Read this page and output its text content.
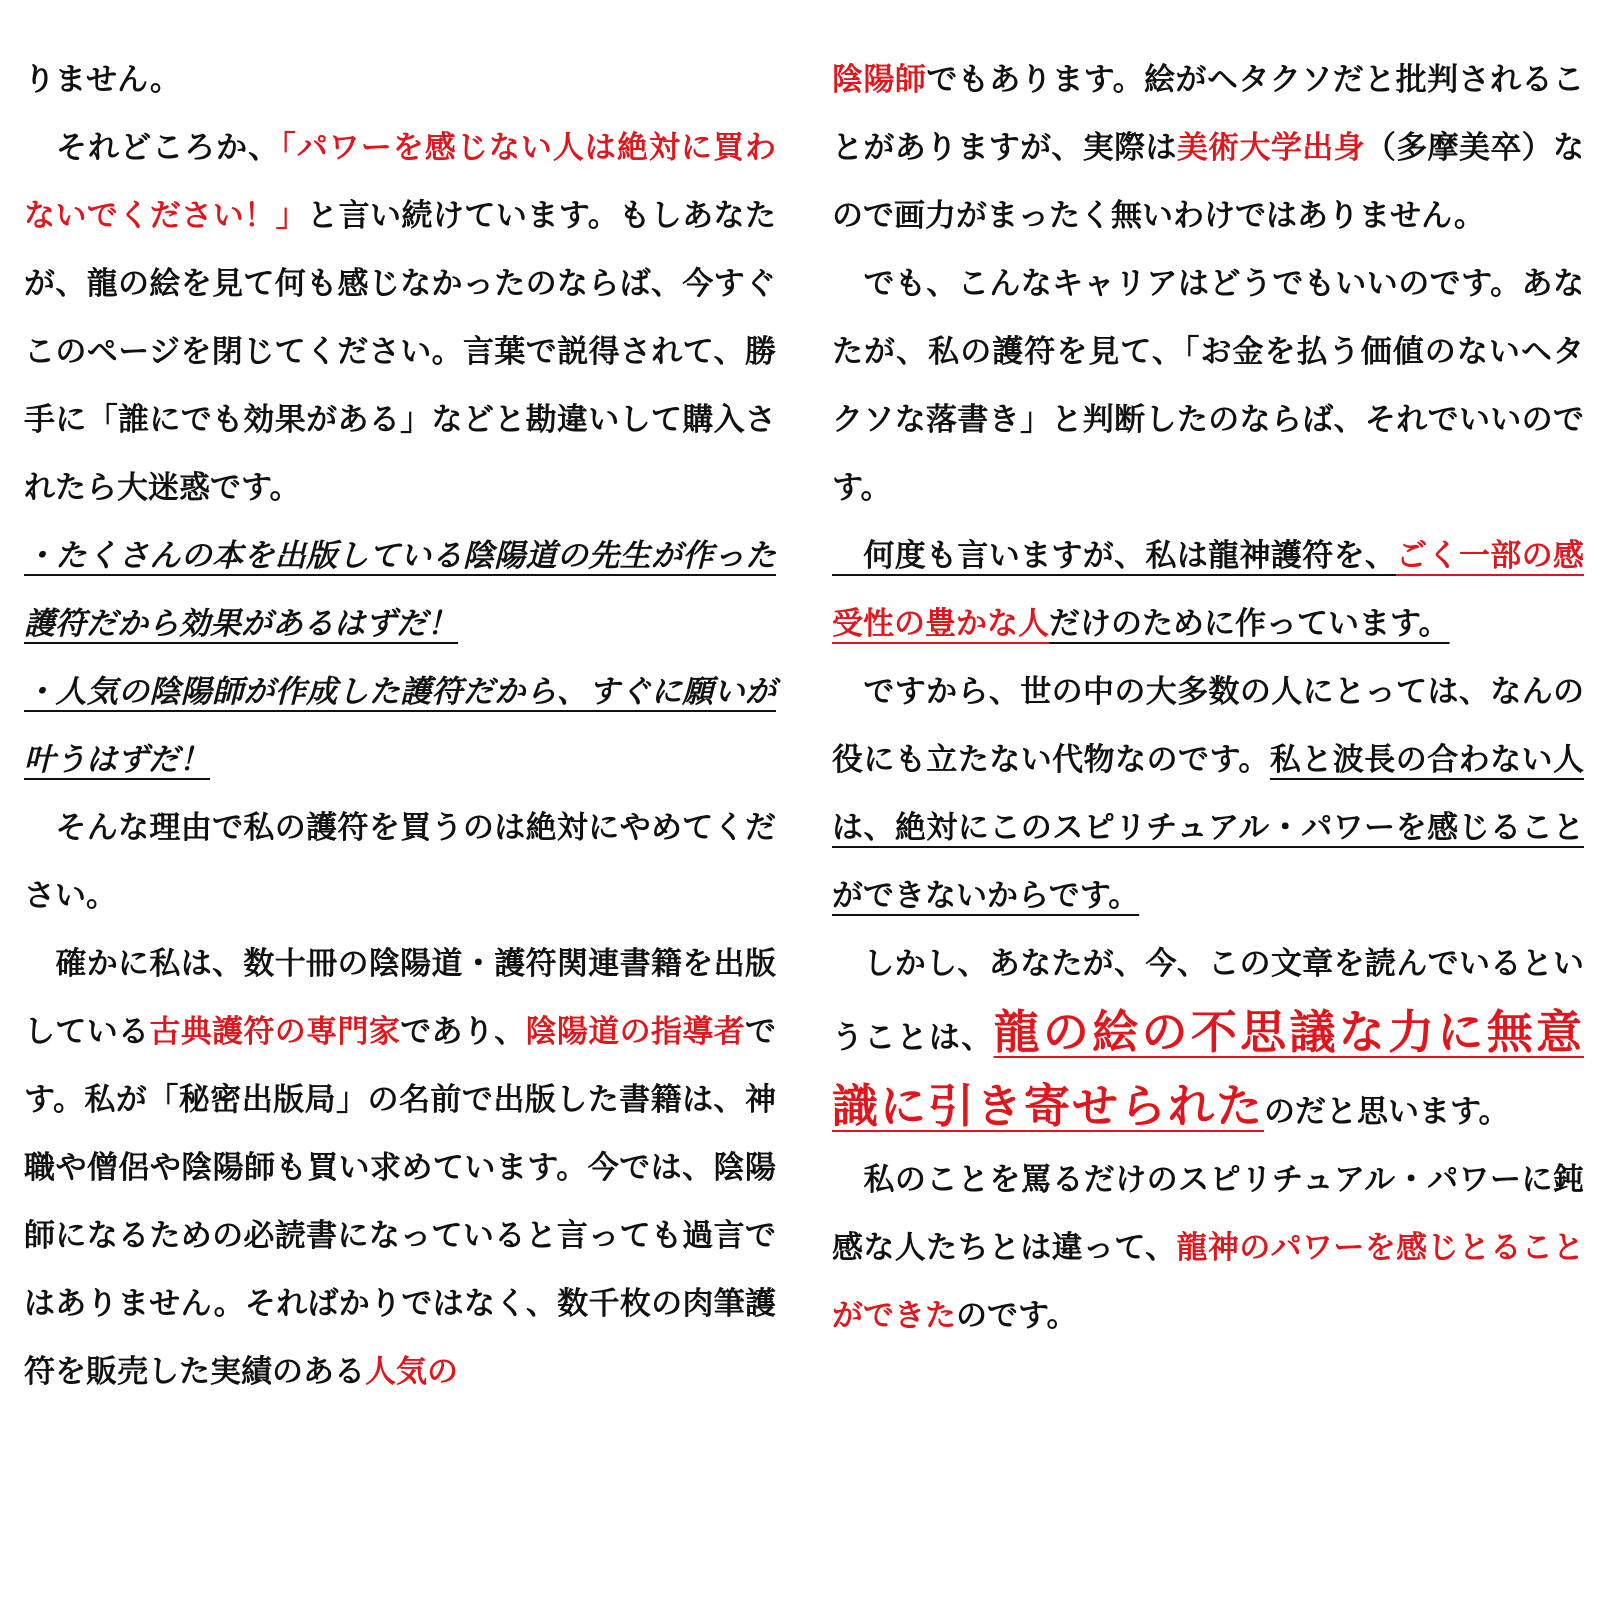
りません。

　それどころか、「パワーを感じない人は絶対に買わないでください！」と言い続けています。もしあなたが、龍の絵を見て何も感じなかったのならば、今すぐこのページを閉じてください。言葉で説得されて、勝手に「誰にでも効果がある」などと勘違いして購入されたら大迷惑です。

・たくさんの本を出版している陰陽道の先生が作った護符だから効果があるはずだ！

・人気の陰陽師が作成した護符だから、すぐに願いが叶うはずだ！

　そんな理由で私の護符を買うのは絶対にやめてください。

　確かに私は、数十冊の陰陽道・護符関連書籍を出版している古典護符の専門家であり、陰陽道の指導者です。私が「秘密出版局」の名前で出版した書籍は、神職や僧侶や陰陽師も買い求めています。今では、陰陽師になるための必読書になっていると言っても過言ではありません。そればかりではなく、数千枚の肉筆護符を販売した実績のある人気の

陰陽師でもあります。絵がヘタクソだと批判されることがありますが、実際は美術大学出身（多摩美卒）なので画力がまったく無いわけではありません。

　でも、こんなキャリアはどうでもいいのです。あなたが、私の護符を見て、「お金を払う価値のないヘタクソな落書き」と判断したのならば、それでいいのです。

　何度も言いますが、私は龍神護符を、ごく一部の感受性の豊かな人だけのために作っています。

　ですから、世の中の大多数の人にとっては、なんの役にも立たない代物なのです。私と波長の合わない人は、絶対にこのスピリチュアル・パワーを感じることができないからです。

　しかし、あなたが、今、この文章を読んでいるということは、龍の絵の不思議な力に無意識に引き寄せられたのだと思います。

　私のことを罵るだけのスピリチュアル・パワーに鈍感な人たちとは違って、龍神のパワーを感じとることができたのです。
